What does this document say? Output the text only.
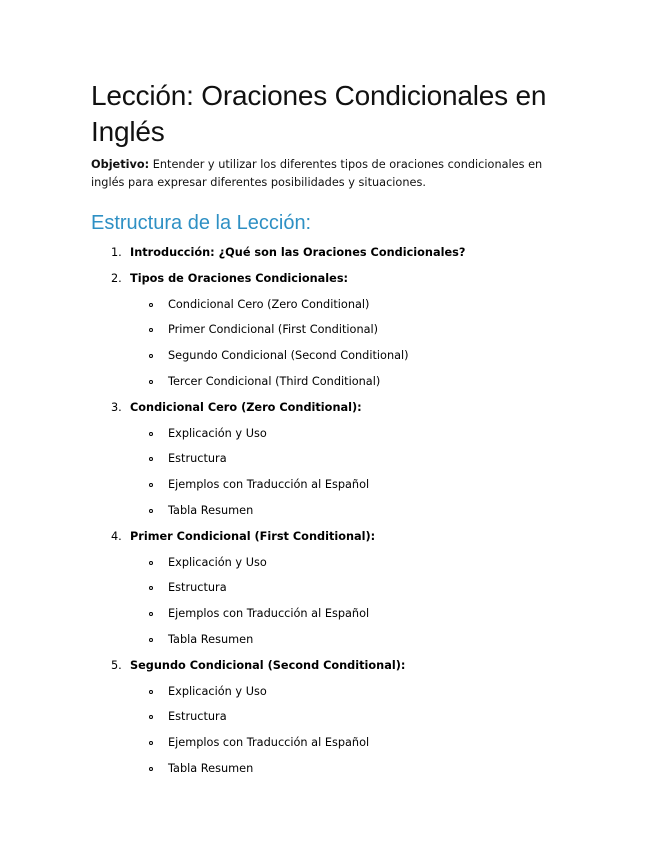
Lección: Oraciones Condicionales en Inglés

Objetivo: Entender y utilizar los diferentes tipos de oraciones condicionales en inglés para expresar diferentes posibilidades y situaciones.

Estructura de la Lección:
1. Introducción: ¿Qué son las Oraciones Condicionales?
2. Tipos de Oraciones Condicionales:
Condicional Cero (Zero Conditional)
Primer Condicional (First Conditional)
Segundo Condicional (Second Conditional)
Tercer Condicional (Third Conditional)
3. Condicional Cero (Zero Conditional):
Explicación y Uso
Estructura
Ejemplos con Traducción al Español
Tabla Resumen
4. Primer Condicional (First Conditional):
Explicación y Uso
Estructura
Ejemplos con Traducción al Español
Tabla Resumen
5. Segundo Condicional (Second Conditional):
Explicación y Uso
Estructura
Ejemplos con Traducción al Español
Tabla Resumen
